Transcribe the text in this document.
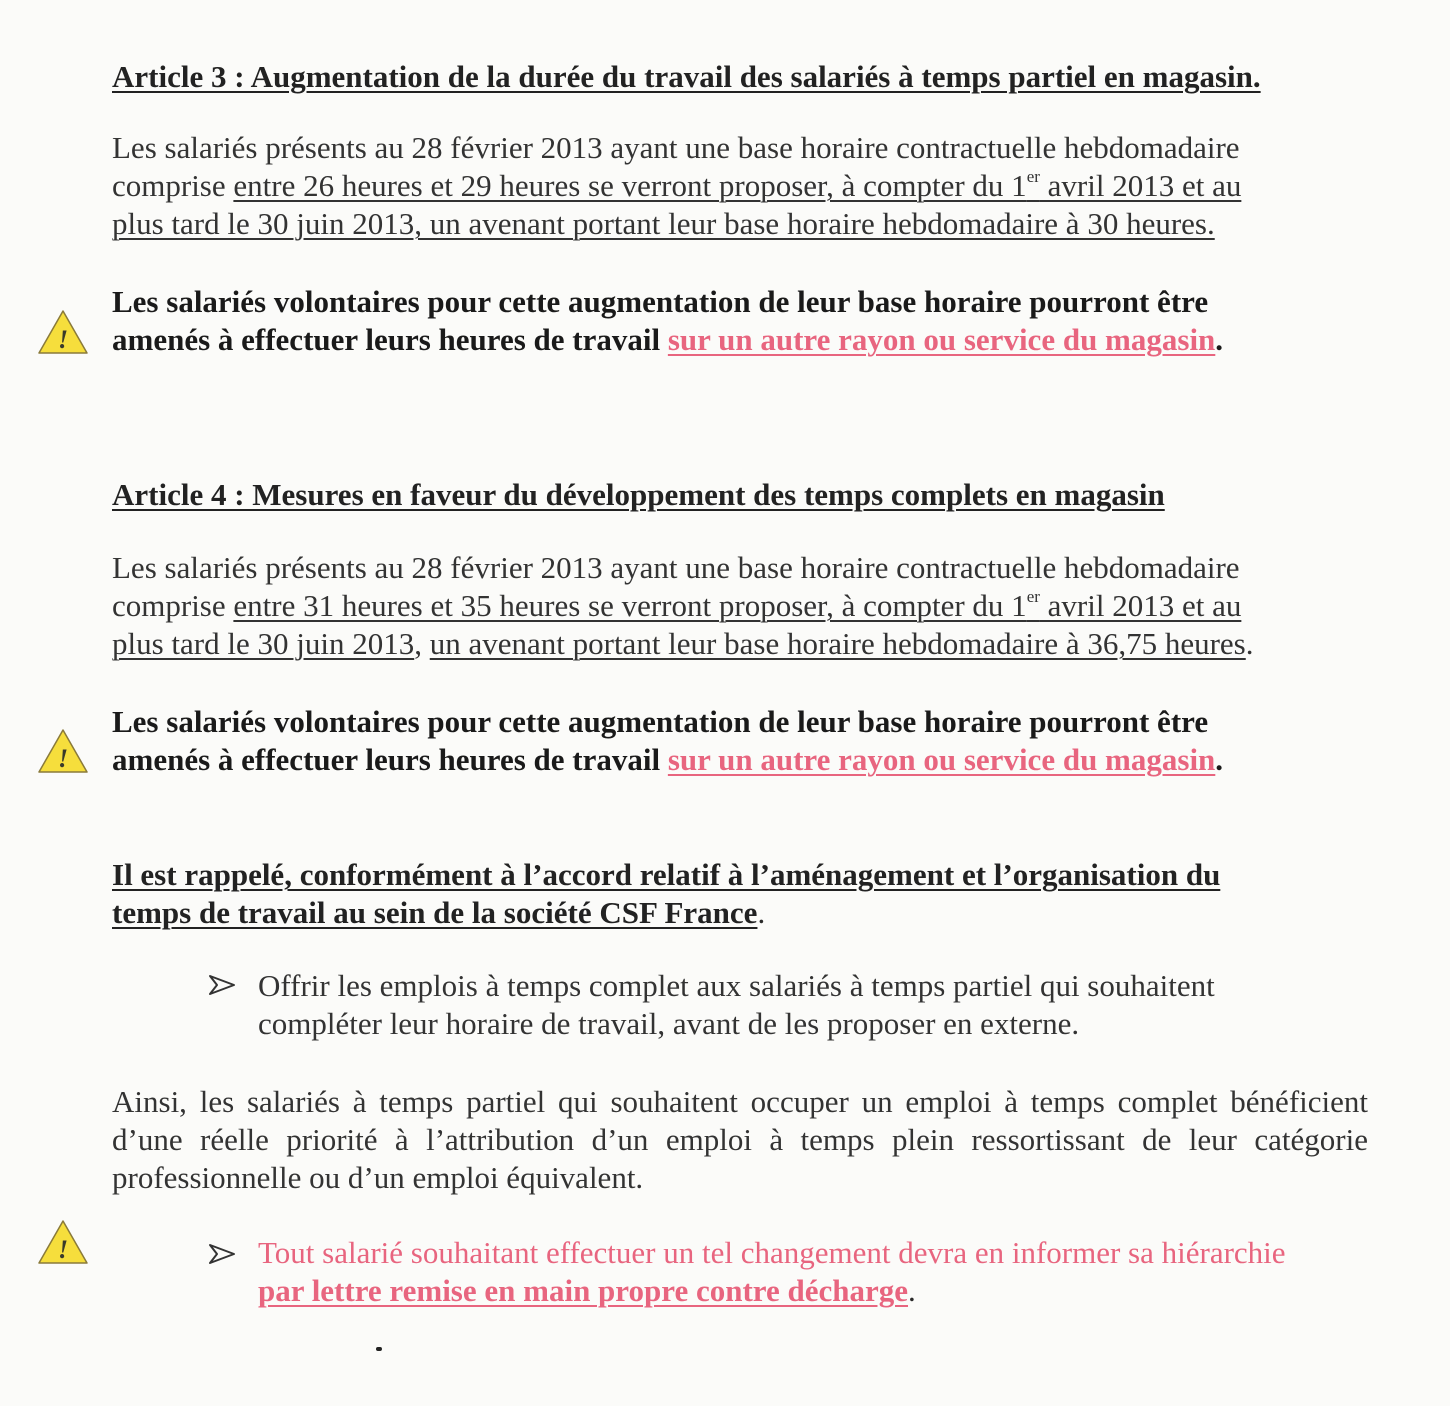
Article 3 : Augmentation de la durée du travail des salariés à temps partiel en magasin.
Les salariés présents au 28 février 2013 ayant une base horaire contractuelle hebdomadaire
comprise entre 26 heures et 29 heures se verront proposer, à compter du 1er avril 2013 et au
plus tard le 30 juin 2013, un avenant portant leur base horaire hebdomadaire à 30 heures.
!
Les salariés volontaires pour cette augmentation de leur base horaire pourront être
amenés à effectuer leurs heures de travail sur un autre rayon ou service du magasin.
Article 4 : Mesures en faveur du développement des temps complets en magasin
Les salariés présents au 28 février 2013 ayant une base horaire contractuelle hebdomadaire
comprise entre 31 heures et 35 heures se verront proposer, à compter du 1er avril 2013 et au
plus tard le 30 juin 2013, un avenant portant leur base horaire hebdomadaire à 36,75 heures.
!
Les salariés volontaires pour cette augmentation de leur base horaire pourront être
amenés à effectuer leurs heures de travail sur un autre rayon ou service du magasin.
Il est rappelé, conformément à l’accord relatif à l’aménagement et l’organisation du
temps de travail au sein de la société CSF France.
Offrir les emplois à temps complet aux salariés à temps partiel qui souhaitent
compléter leur horaire de travail, avant de les proposer en externe.
Ainsi, les salariés à temps partiel qui souhaitent occuper un emploi à temps complet bénéficient d’une réelle priorité à l’attribution d’un emploi à temps plein ressortissant de leur catégorie professionnelle ou d’un emploi équivalent.
!	Tout salarié souhaitant effectuer un tel changement devra en informer sa hiérarchie
par lettre remise en main propre contre décharge.
